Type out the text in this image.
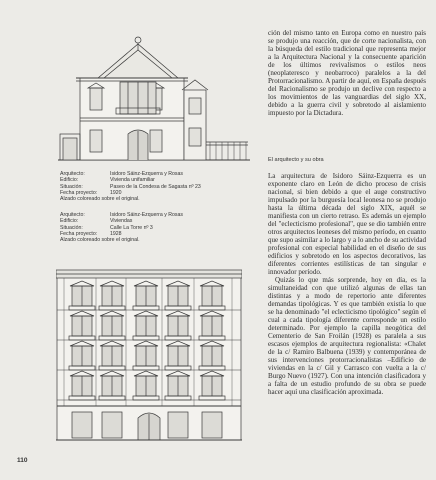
Arquitecto:	Isidoro Sáinz-Ezquerra y Rosas
Edificio:	Vivienda unifamiliar
Situación:	Paseo de la Condesa de Sagasta nº 23
Fecha proyecto:	1920
Alzado coloreado sobre el original.
Arquitecto:	Isidoro Sáinz-Ezquerra y Rosas
Edificio:	Viviendas
Situación:	Calle La Torre nº 3
Fecha proyecto:	1928
Alzado coloreado sobre el original.

ción del mismo tanto en Europa como en nuestro país se produjo una reacción, que de corte nacionalista, con la búsqueda del estilo tradicional que representa mejor a la Arquitectura Nacional y la consecuente aparición de los últimos revivalismos o estilos neos (neoplateresco y neobarroco) paralelos a la del Protorracionalismo. A partir de aquí, en España después del Racionalismo se produjo un declive con respecto a los movimientos de las vanguardias del siglo XX, debido a la guerra civil y sobretodo al aislamiento impuesto por la Dictadura.

El arquitecto y su obra

La arquitectura de Isidoro Sáinz-Ezquerra es un exponente claro en León de dicho proceso de crisis nacional, si bien debido a que el auge constructivo impulsado por la burguesía local leonesa no se produjo hasta la última década del siglo XIX, aquél se manifiesta con un cierto retraso. Es además un ejemplo del "eclecticismo profesional", que se dio también entre otros arquitectos leoneses del mismo período, en cuanto que supo asimilar a lo largo y a lo ancho de su actividad profesional con especial habilidad en el diseño de sus edificios y sobretodo en los aspectos decorativos, las diferentes corrientes estilísticas de tan singular e innovador período.

Quizás lo que más sorprende, hoy en día, es la simultaneidad con que utilizó algunas de ellas tan distintas y a modo de repertorio ante diferentes demandas tipológicas. Y es que también existía lo que se ha denominado "el eclecticismo tipológico" según el cual a cada tipología diferente corresponde un estilo determinado. Por ejemplo la capilla neogótica del Cementerio de San Froilán (1928) es paralela a sus escasos ejemplos de arquitectura regionalista: «Chalet de la c/ Ramiro Balbuena (1939) y contemporánea de sus intervenciones protorracionalistas –Edificio de viviendas en la c/ Gil y Carrasco con vuelta a la c/ Burgo Nuevo (1927). Con una intención clasificadora y a falta de un estudio profundo de su obra se puede hacer aquí una clasificación aproximada.

110
